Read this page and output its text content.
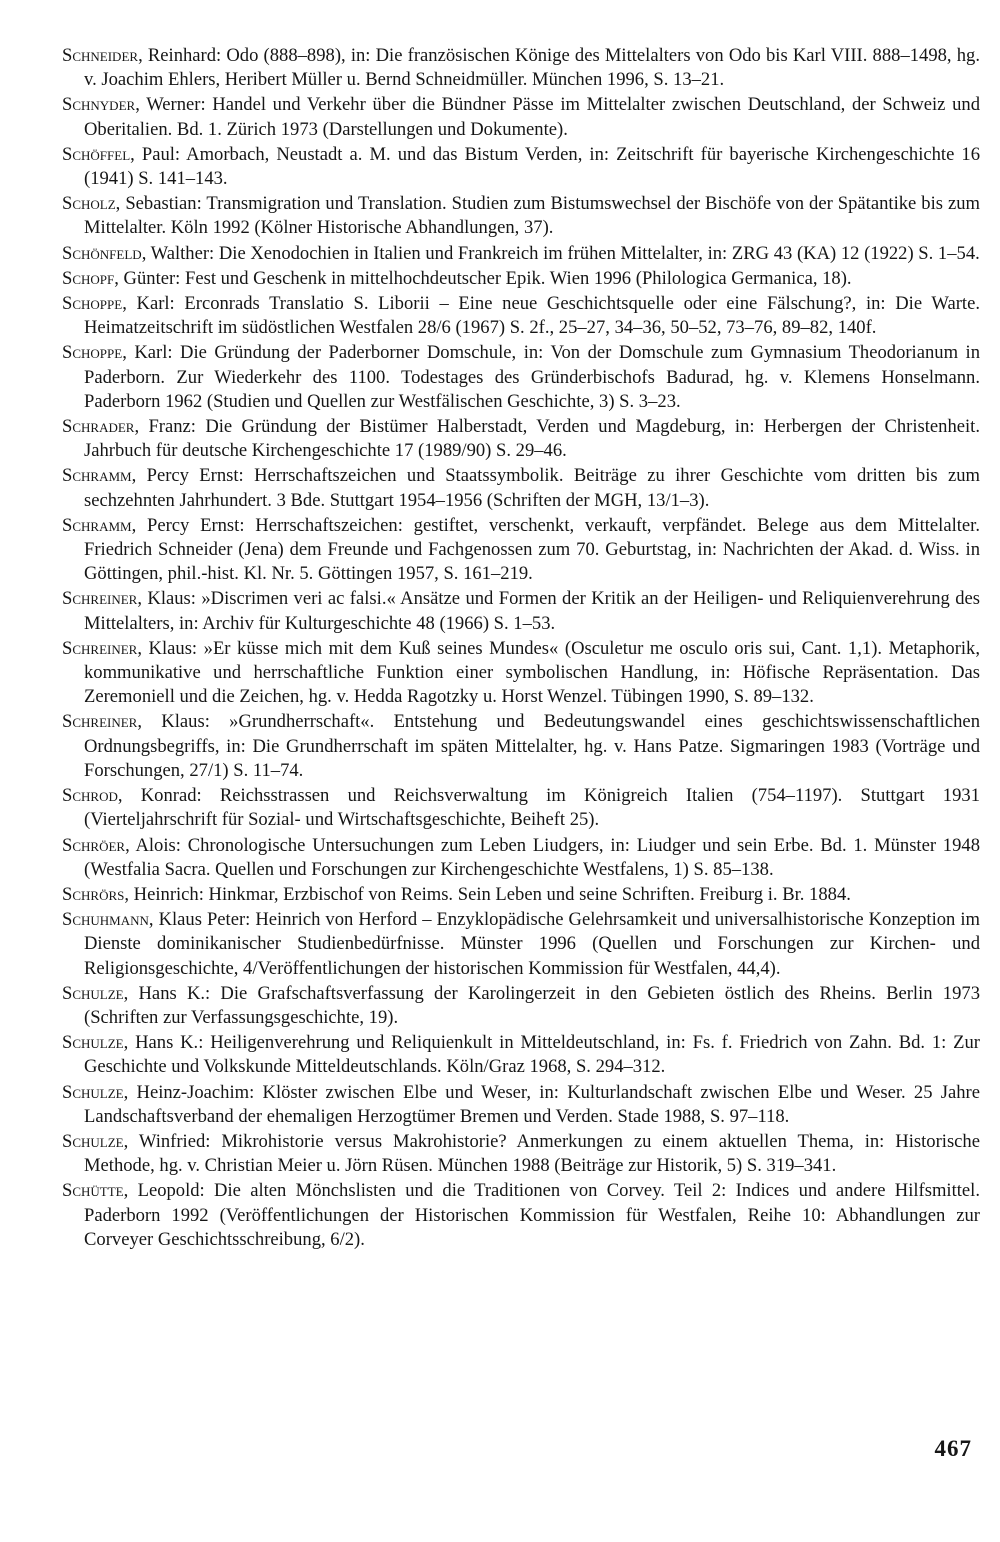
Schneider, Reinhard: Odo (888–898), in: Die französischen Könige des Mittelalters von Odo bis Karl VIII. 888–1498, hg. v. Joachim Ehlers, Heribert Müller u. Bernd Schneidmüller. München 1996, S. 13–21.

Schnyder, Werner: Handel und Verkehr über die Bündner Pässe im Mittelalter zwischen Deutschland, der Schweiz und Oberitalien. Bd. 1. Zürich 1973 (Darstellungen und Dokumente).

Schöffel, Paul: Amorbach, Neustadt a. M. und das Bistum Verden, in: Zeitschrift für bayerische Kirchengeschichte 16 (1941) S. 141–143.

Scholz, Sebastian: Transmigration und Translation. Studien zum Bistumswechsel der Bischöfe von der Spätantike bis zum Mittelalter. Köln 1992 (Kölner Historische Abhandlungen, 37).

Schönfeld, Walther: Die Xenodochien in Italien und Frankreich im frühen Mittelalter, in: ZRG 43 (KA) 12 (1922) S. 1–54.

Schopf, Günter: Fest und Geschenk in mittelhochdeutscher Epik. Wien 1996 (Philologica Germanica, 18).

Schoppe, Karl: Erconrads Translatio S. Liborii – Eine neue Geschichtsquelle oder eine Fälschung?, in: Die Warte. Heimatzeitschrift im südöstlichen Westfalen 28/6 (1967) S. 2f., 25–27, 34–36, 50–52, 73–76, 89–82, 140f.

Schoppe, Karl: Die Gründung der Paderborner Domschule, in: Von der Domschule zum Gymnasium Theodorianum in Paderborn. Zur Wiederkehr des 1100. Todestages des Gründerbischofs Badurad, hg. v. Klemens Honselmann. Paderborn 1962 (Studien und Quellen zur Westfälischen Geschichte, 3) S. 3–23.

Schrader, Franz: Die Gründung der Bistümer Halberstadt, Verden und Magdeburg, in: Herbergen der Christenheit. Jahrbuch für deutsche Kirchengeschichte 17 (1989/90) S. 29–46.

Schramm, Percy Ernst: Herrschaftszeichen und Staatssymbolik. Beiträge zu ihrer Geschichte vom dritten bis zum sechzehnten Jahrhundert. 3 Bde. Stuttgart 1954–1956 (Schriften der MGH, 13/1–3).

Schramm, Percy Ernst: Herrschaftszeichen: gestiftet, verschenkt, verkauft, verpfändet. Belege aus dem Mittelalter. Friedrich Schneider (Jena) dem Freunde und Fachgenossen zum 70. Geburtstag, in: Nachrichten der Akad. d. Wiss. in Göttingen, phil.-hist. Kl. Nr. 5. Göttingen 1957, S. 161–219.

Schreiner, Klaus: »Discrimen veri ac falsi.« Ansätze und Formen der Kritik an der Heiligen- und Reliquienverehrung des Mittelalters, in: Archiv für Kulturgeschichte 48 (1966) S. 1–53.

Schreiner, Klaus: »Er küsse mich mit dem Kuß seines Mundes« (Osculetur me osculo oris sui, Cant. 1,1). Metaphorik, kommunikative und herrschaftliche Funktion einer symbolischen Handlung, in: Höfische Repräsentation. Das Zeremoniell und die Zeichen, hg. v. Hedda Ragotzky u. Horst Wenzel. Tübingen 1990, S. 89–132.

Schreiner, Klaus: »Grundherrschaft«. Entstehung und Bedeutungswandel eines geschichtswissenschaftlichen Ordnungsbegriffs, in: Die Grundherrschaft im späten Mittelalter, hg. v. Hans Patze. Sigmaringen 1983 (Vorträge und Forschungen, 27/1) S. 11–74.

Schrod, Konrad: Reichsstrassen und Reichsverwaltung im Königreich Italien (754–1197). Stuttgart 1931 (Vierteljahrschrift für Sozial- und Wirtschaftsgeschichte, Beiheft 25).

Schröer, Alois: Chronologische Untersuchungen zum Leben Liudgers, in: Liudger und sein Erbe. Bd. 1. Münster 1948 (Westfalia Sacra. Quellen und Forschungen zur Kirchengeschichte Westfalens, 1) S. 85–138.

Schrörs, Heinrich: Hinkmar, Erzbischof von Reims. Sein Leben und seine Schriften. Freiburg i. Br. 1884.

Schuhmann, Klaus Peter: Heinrich von Herford – Enzyklopädische Gelehrsamkeit und universalhistorische Konzeption im Dienste dominikanischer Studienbedürfnisse. Münster 1996 (Quellen und Forschungen zur Kirchen- und Religionsgeschichte, 4/Veröffentlichungen der historischen Kommission für Westfalen, 44,4).

Schulze, Hans K.: Die Grafschaftsverfassung der Karolingerzeit in den Gebieten östlich des Rheins. Berlin 1973 (Schriften zur Verfassungsgeschichte, 19).

Schulze, Hans K.: Heiligenverehrung und Reliquienkult in Mitteldeutschland, in: Fs. f. Friedrich von Zahn. Bd. 1: Zur Geschichte und Volkskunde Mitteldeutschlands. Köln/Graz 1968, S. 294–312.

Schulze, Heinz-Joachim: Klöster zwischen Elbe und Weser, in: Kulturlandschaft zwischen Elbe und Weser. 25 Jahre Landschaftsverband der ehemaligen Herzogtümer Bremen und Verden. Stade 1988, S. 97–118.

Schulze, Winfried: Mikrohistorie versus Makrohistorie? Anmerkungen zu einem aktuellen Thema, in: Historische Methode, hg. v. Christian Meier u. Jörn Rüsen. München 1988 (Beiträge zur Historik, 5) S. 319–341.

Schütte, Leopold: Die alten Mönchslisten und die Traditionen von Corvey. Teil 2: Indices und andere Hilfsmittel. Paderborn 1992 (Veröffentlichungen der Historischen Kommission für Westfalen, Reihe 10: Abhandlungen zur Corveyer Geschichtsschreibung, 6/2).

467
